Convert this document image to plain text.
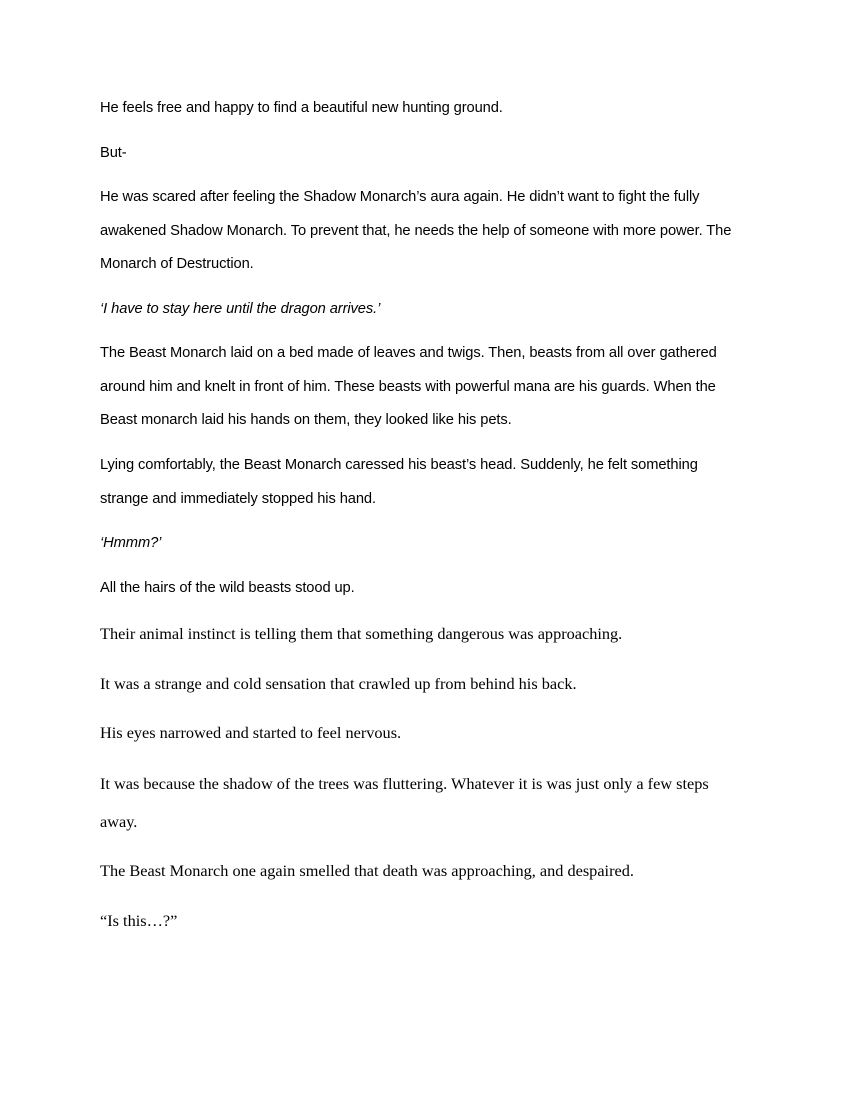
He feels free and happy to find a beautiful new hunting ground.

But-

He was scared after feeling the Shadow Monarch’s aura again. He didn’t want to fight the fully
awakened Shadow Monarch. To prevent that, he needs the help of someone with more power. The
Monarch of Destruction.

‘I have to stay here until the dragon arrives.’

The Beast Monarch laid on a bed made of leaves and twigs. Then, beasts from all over gathered
around him and knelt in front of him. These beasts with powerful mana are his guards. When the
Beast monarch laid his hands on them, they looked like his pets.

Lying comfortably, the Beast Monarch caressed his beast’s head. Suddenly, he felt something
strange and immediately stopped his hand.

‘Hmmm?’

All the hairs of the wild beasts stood up.

Their animal instinct is telling them that something dangerous was approaching.

It was a strange and cold sensation that crawled up from behind his back.

His eyes narrowed and started to feel nervous.

It was because the shadow of the trees was fluttering. Whatever it is was just only a few steps
away.

The Beast Monarch one again smelled that death was approaching, and despaired.

“Is this…?”
